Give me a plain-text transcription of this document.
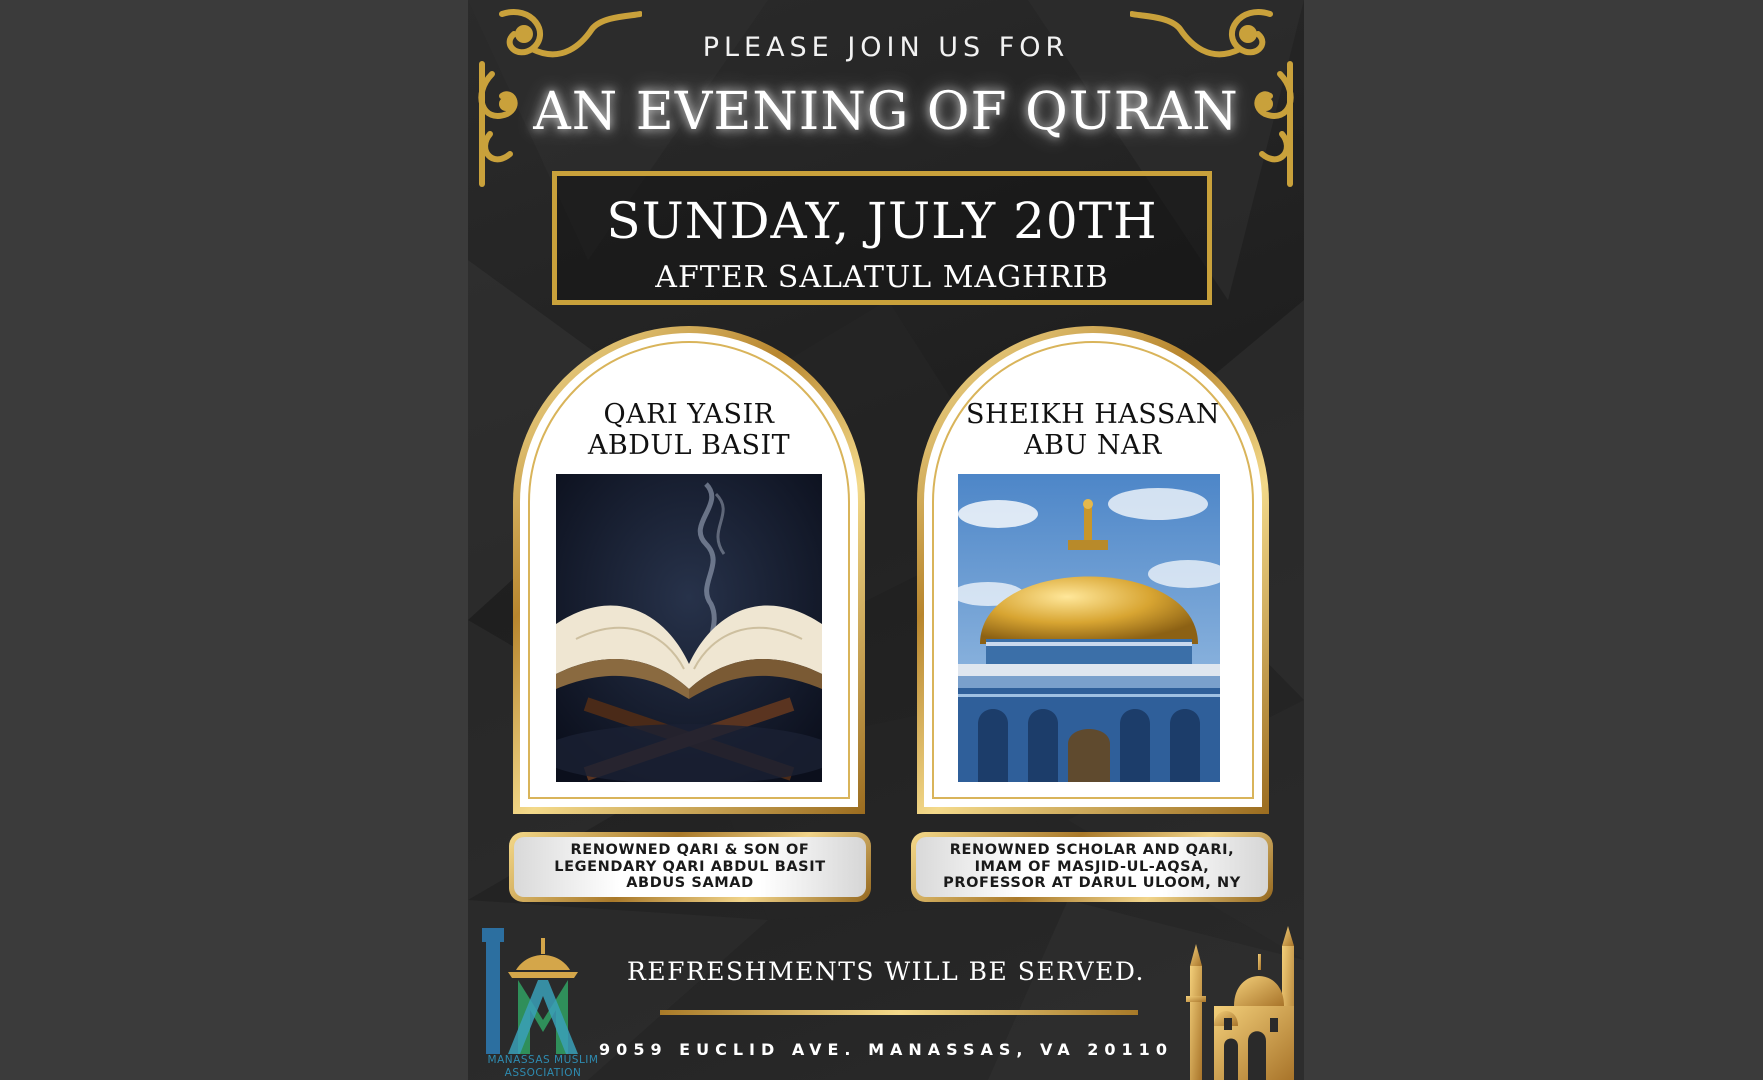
PLEASE JOIN US FOR
AN EVENING OF QURAN
SUNDAY, JULY 20TH
AFTER SALATUL MAGHRIB
QARI YASIR
ABDUL BASIT
SHEIKH HASSAN
ABU NAR
RENOWNED QARI & SON OF
LEGENDARY QARI ABDUL BASIT
ABDUS SAMAD
RENOWNED SCHOLAR AND QARI,
IMAM OF MASJID-UL-AQSA,
PROFESSOR AT DARUL ULOOM, NY
REFRESHMENTS WILL BE SERVED.
9059 EUCLID AVE. MANASSAS, VA 20110
MANASSAS MUSLIM ASSOCIATION
